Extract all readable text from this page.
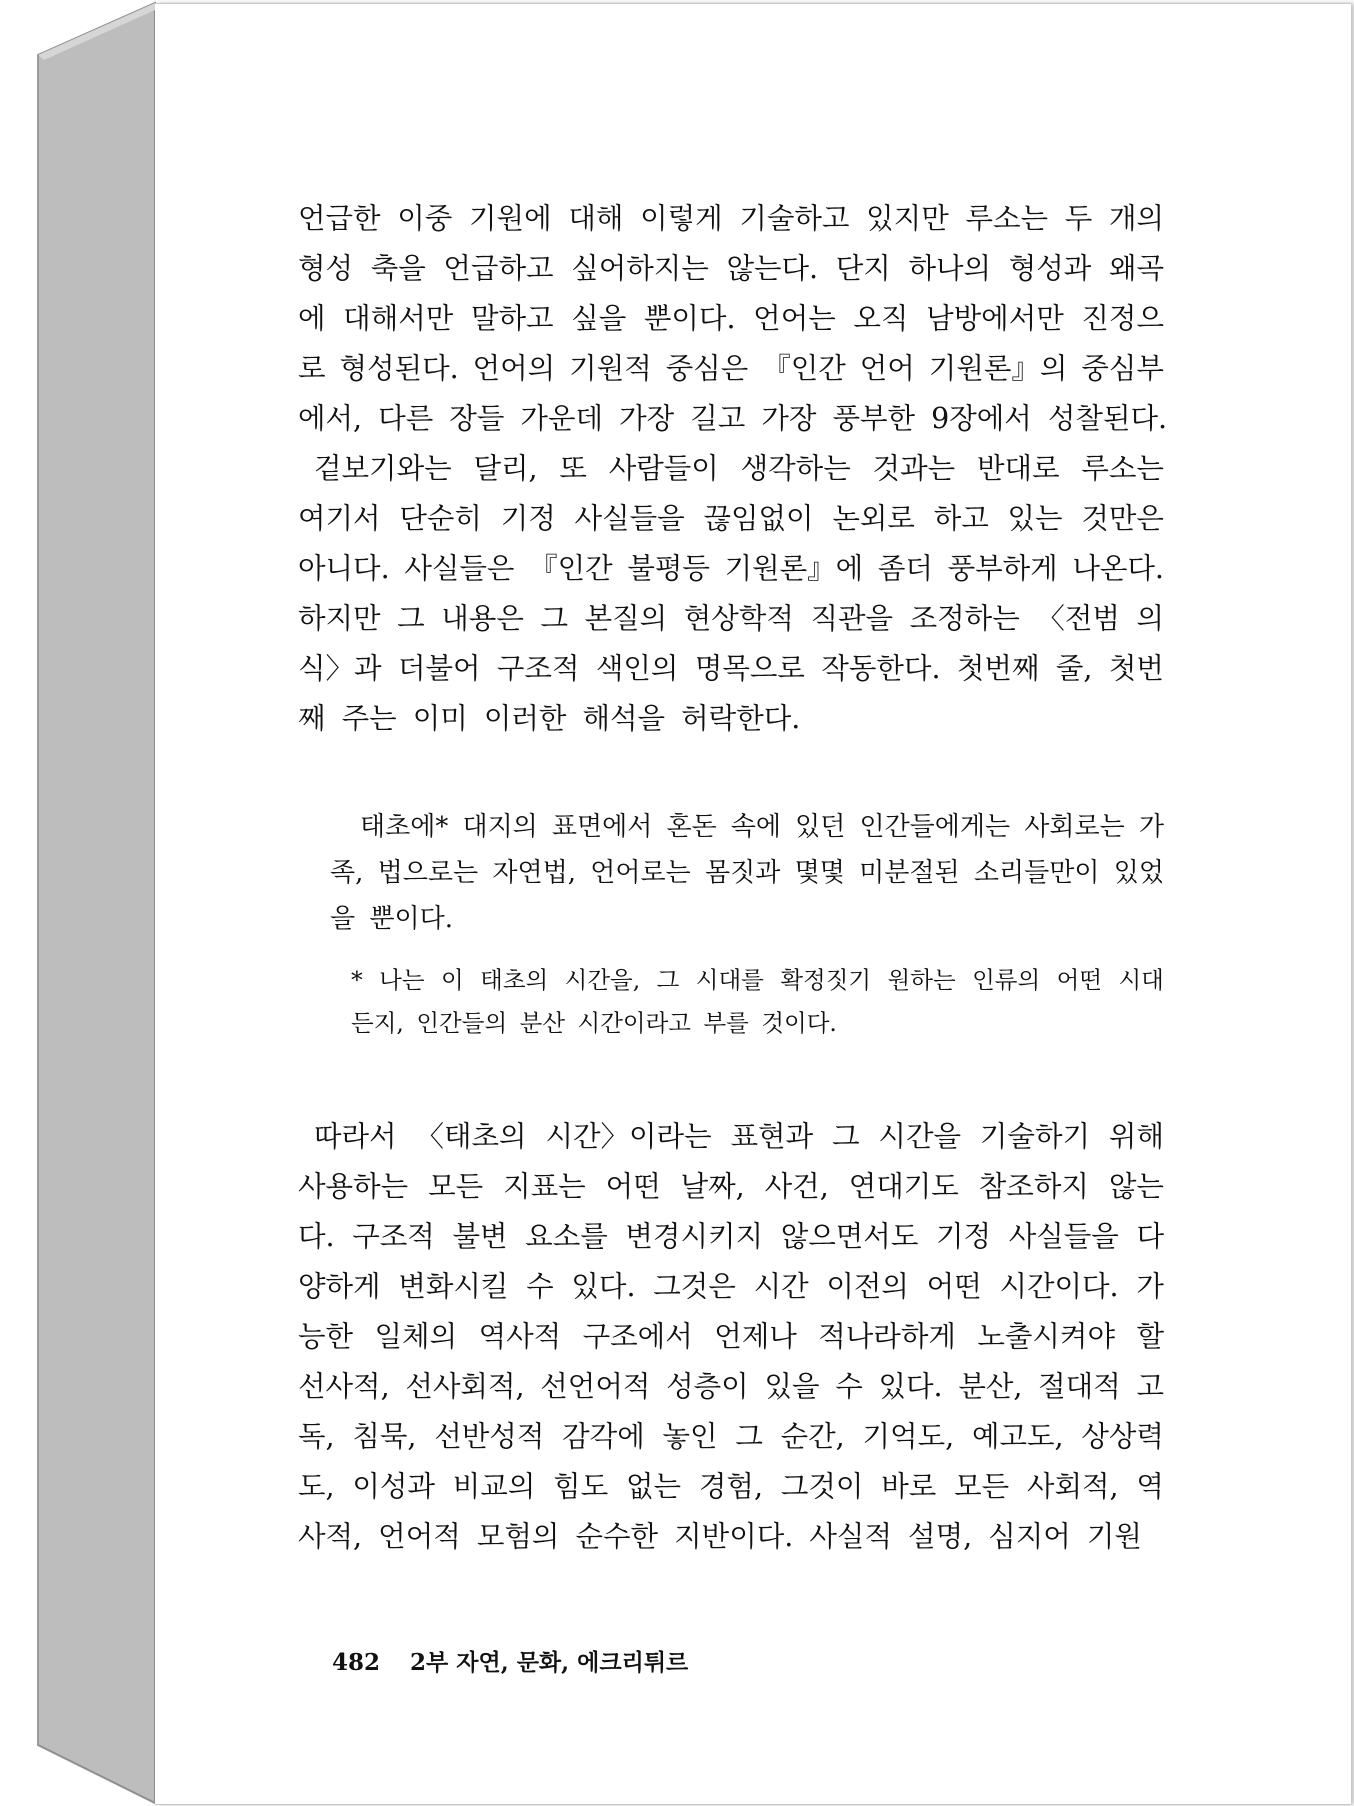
언급한 이중 기원에 대해 이렇게 기술하고 있지만 루소는 두 개의
형성 축을 언급하고 싶어하지는 않는다. 단지 하나의 형성과 왜곡
에 대해서만 말하고 싶을 뿐이다. 언어는 오직 남방에서만 진정으
로 형성된다. 언어의 기원적 중심은 『인간 언어 기원론』의 중심부
에서, 다른 장들 가운데 가장 길고 가장 풍부한 9장에서 성찰된다.
겉보기와는 달리, 또 사람들이 생각하는 것과는 반대로 루소는
여기서 단순히 기정 사실들을 끊임없이 논외로 하고 있는 것만은
아니다. 사실들은 『인간 불평등 기원론』에 좀더 풍부하게 나온다.
하지만 그 내용은 그 본질의 현상학적 직관을 조정하는 〈전범 의
식〉과 더불어 구조적 색인의 명목으로 작동한다. 첫번째 줄, 첫번
째 주는 이미 이러한 해석을 허락한다.
태초에* 대지의 표면에서 혼돈 속에 있던 인간들에게는 사회로는 가
족, 법으로는 자연법, 언어로는 몸짓과 몇몇 미분절된 소리들만이 있었
을 뿐이다.
* 나는 이 태초의 시간을, 그 시대를 확정짓기 원하는 인류의 어떤 시대
든지, 인간들의 분산 시간이라고 부를 것이다.
따라서 〈태초의 시간〉이라는 표현과 그 시간을 기술하기 위해
사용하는 모든 지표는 어떤 날짜, 사건, 연대기도 참조하지 않는
다. 구조적 불변 요소를 변경시키지 않으면서도 기정 사실들을 다
양하게 변화시킬 수 있다. 그것은 시간 이전의 어떤 시간이다. 가
능한 일체의 역사적 구조에서 언제나 적나라하게 노출시켜야 할
선사적, 선사회적, 선언어적 성층이 있을 수 있다. 분산, 절대적 고
독, 침묵, 선반성적 감각에 놓인 그 순간, 기억도, 예고도, 상상력
도, 이성과 비교의 힘도 없는 경험, 그것이 바로 모든 사회적, 역
사적, 언어적 모험의 순수한 지반이다. 사실적 설명, 심지어 기원
482 2부 자연, 문화, 에크리튀르
